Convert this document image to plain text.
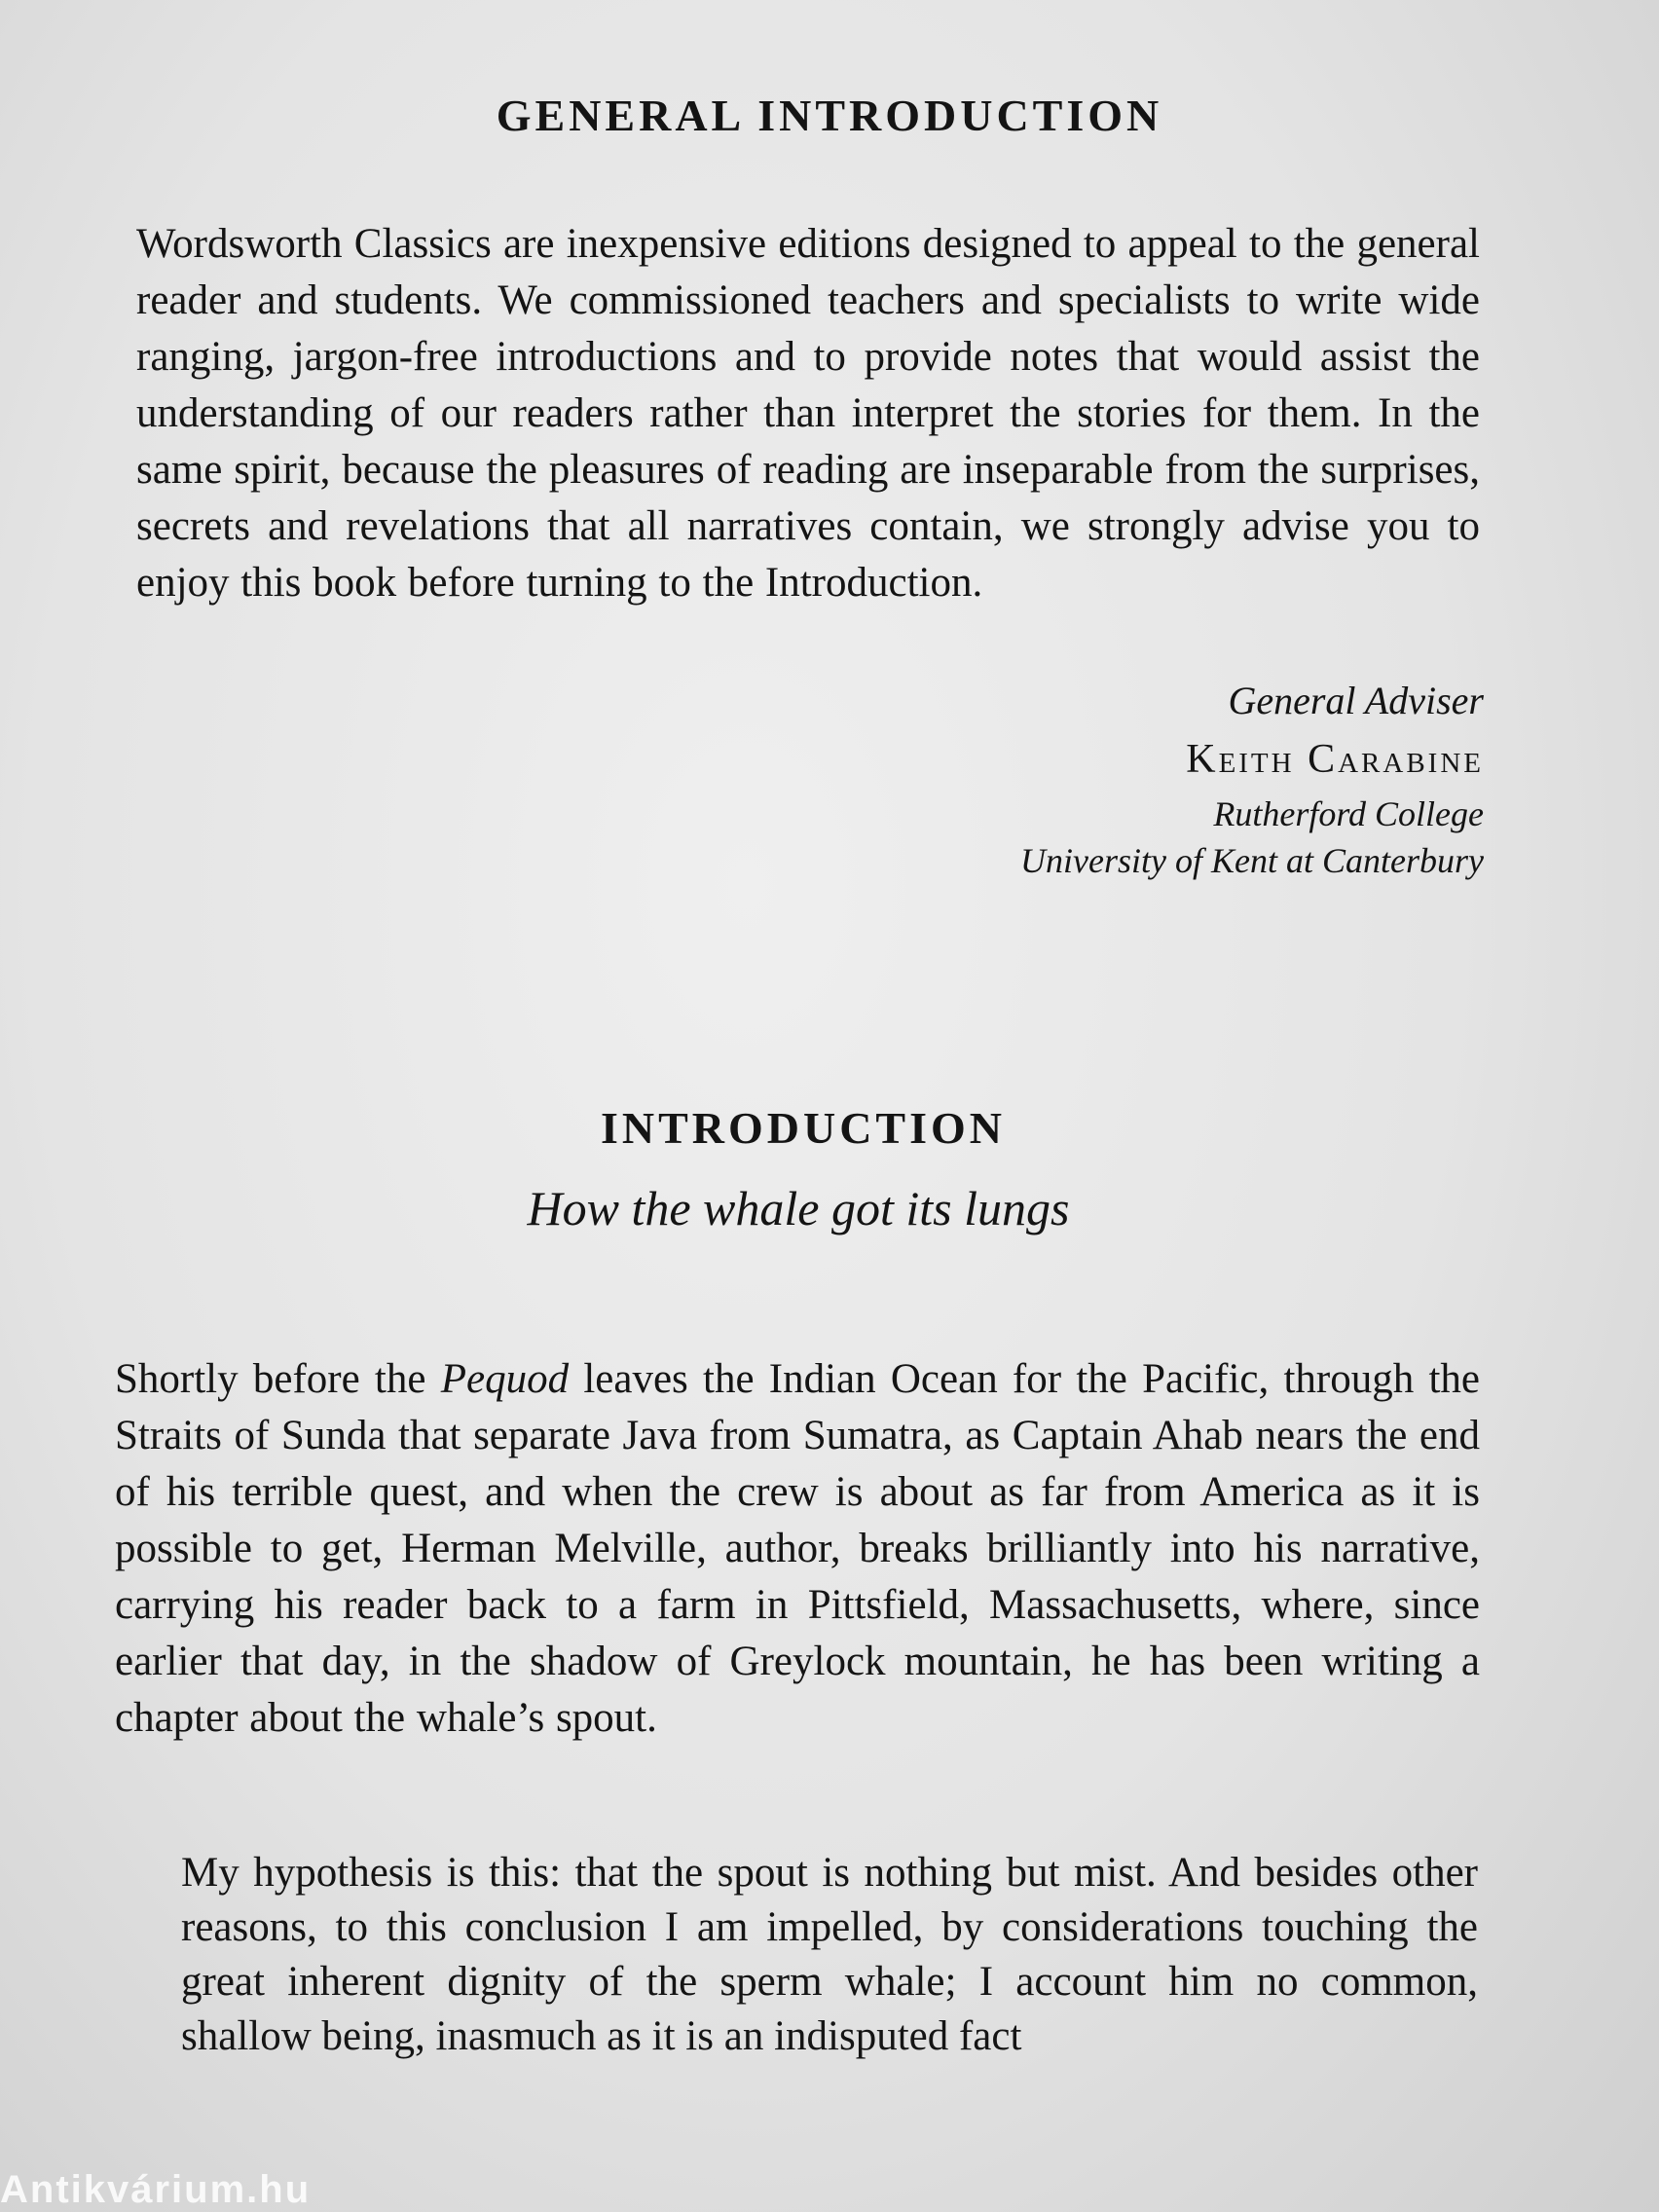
GENERAL INTRODUCTION

Wordsworth Classics are inexpensive editions designed to appeal to the general reader and students. We commissioned teachers and specialists to write wide ranging, jargon-free introductions and to provide notes that would assist the understanding of our readers rather than interpret the stories for them. In the same spirit, because the pleasures of reading are inseparable from the surprises, secrets and revelations that all narratives contain, we strongly advise you to enjoy this book before turning to the Introduction.

General Adviser
Keith Carabine
Rutherford College
University of Kent at Canterbury
INTRODUCTION
How the whale got its lungs

Shortly before the Pequod leaves the Indian Ocean for the Pacific, through the Straits of Sunda that separate Java from Sumatra, as Captain Ahab nears the end of his terrible quest, and when the crew is about as far from America as it is possible to get, Herman Melville, author, breaks brilliantly into his narrative, carrying his reader back to a farm in Pittsfield, Massachusetts, where, since earlier that day, in the shadow of Greylock mountain, he has been writing a chapter about the whale’s spout.

My hypothesis is this: that the spout is nothing but mist. And besides other reasons, to this conclusion I am impelled, by considerations touching the great inherent dignity of the sperm whale; I account him no common, shallow being, inasmuch as it is an indisputed fact

Antikvárium.hu
